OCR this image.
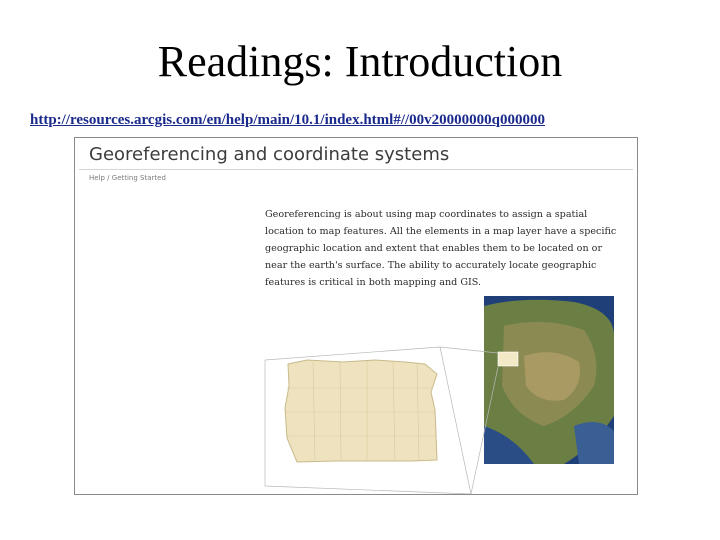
Readings: Introduction
http://resources.arcgis.com/en/help/main/10.1/index.html#//00v20000000q000000
Georeferencing and coordinate systems
Help / Getting Started
Georeferencing is about using map coordinates to assign a spatial location to map features. All the elements in a map layer have a specific geographic location and extent that enables them to be located on or near the earth's surface. The ability to accurately locate geographic features is critical in both mapping and GIS.
